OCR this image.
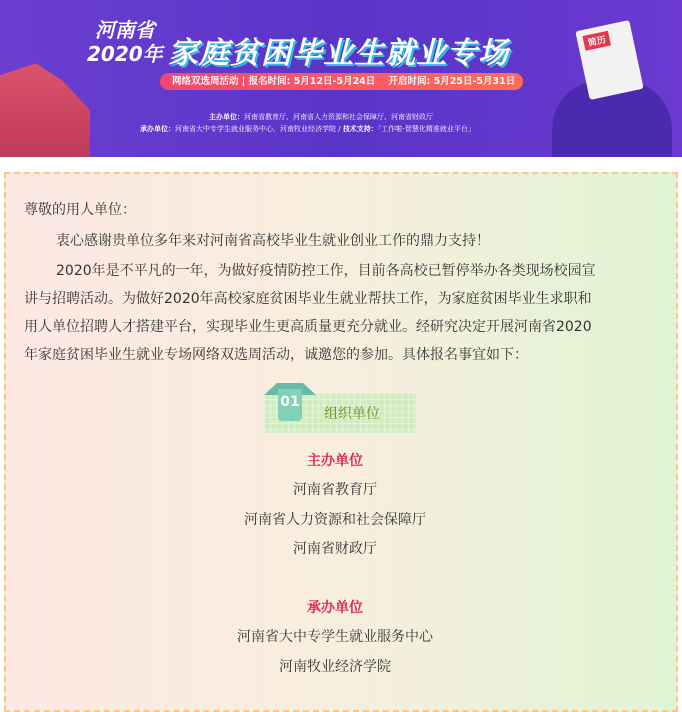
河南省
2020年 家庭贫困毕业生就业专场
网络双选周活动 | 报名时间: 5月12日-5月24日    开启时间: 5月25日-5月31日
主办单位：河南省教育厅、河南省人力资源和社会保障厅、河南省财政厅
承办单位：河南省大中专学生就业服务中心、河南牧业经济学院 / 技术支持：「工作啦-智慧化精准就业平台」
简历
尊敬的用人单位：
衷心感谢贵单位多年来对河南省高校毕业生就业创业工作的鼎力支持！
2020年是不平凡的一年，为做好疫情防控工作，目前各高校已暂停举办各类现场校园宣
讲与招聘活动。为做好2020年高校家庭贫困毕业生就业帮扶工作，为家庭贫困毕业生求职和
用人单位招聘人才搭建平台，实现毕业生更高质量更充分就业。经研究决定开展河南省2020
年家庭贫困毕业生就业专场网络双选周活动，诚邀您的参加。具体报名事宜如下：
01
组织单位
主办单位
河南省教育厅
河南省人力资源和社会保障厅
河南省财政厅
承办单位
河南省大中专学生就业服务中心
河南牧业经济学院
